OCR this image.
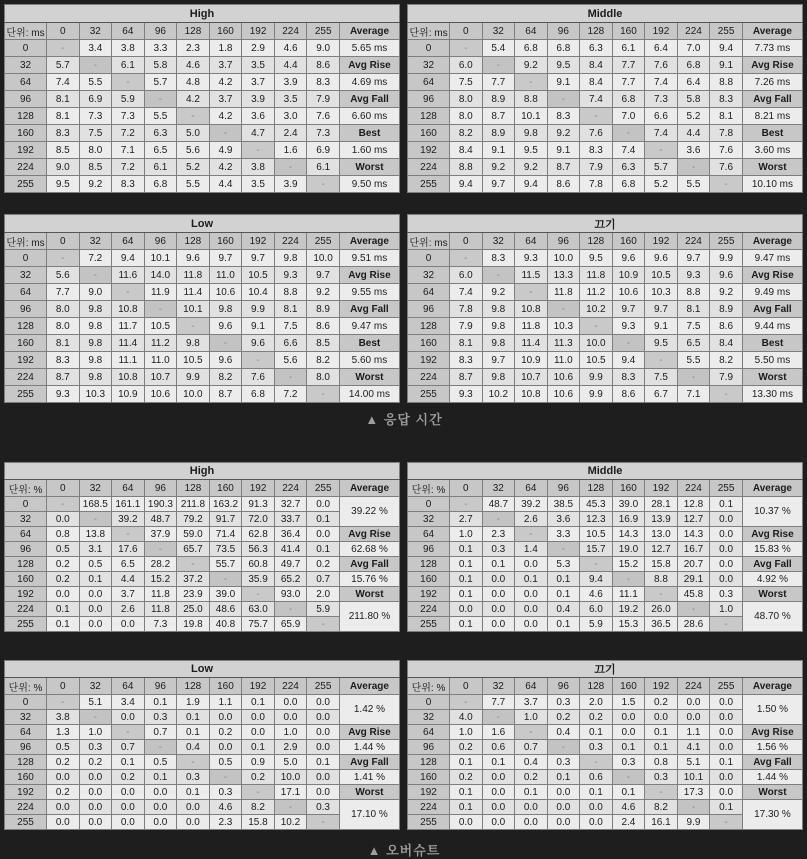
High										
단위: ms	0	32	64	96	128	160	192	224	255	Average
0	-	3.4	3.8	3.3	2.3	1.8	2.9	4.6	9.0	5.65 ms
32	5.7	-	6.1	5.8	4.6	3.7	3.5	4.4	8.6	Avg Rise
64	7.4	5.5	-	5.7	4.8	4.2	3.7	3.9	8.3	4.69 ms
96	8.1	6.9	5.9	-	4.2	3.7	3.9	3.5	7.9	Avg Fall
128	8.1	7.3	7.3	5.5	-	4.2	3.6	3.0	7.6	6.60 ms
160	8.3	7.5	7.2	6.3	5.0	-	4.7	2.4	7.3	Best
192	8.5	8.0	7.1	6.5	5.6	4.9	-	1.6	6.9	1.60 ms
224	9.0	8.5	7.2	6.1	5.2	4.2	3.8	-	6.1	Worst
255	9.5	9.2	8.3	6.8	5.5	4.4	3.5	3.9	-	9.50 ms
Middle										
단위: ms	0	32	64	96	128	160	192	224	255	Average
0	-	5.4	6.8	6.8	6.3	6.1	6.4	7.0	9.4	7.73 ms
32	6.0	-	9.2	9.5	8.4	7.7	7.6	6.8	9.1	Avg Rise
64	7.5	7.7	-	9.1	8.4	7.7	7.4	6.4	8.8	7.26 ms
96	8.0	8.9	8.8	-	7.4	6.8	7.3	5.8	8.3	Avg Fall
128	8.0	8.7	10.1	8.3	-	7.0	6.6	5.2	8.1	8.21 ms
160	8.2	8.9	9.8	9.2	7.6	-	7.4	4.4	7.8	Best
192	8.4	9.1	9.5	9.1	8.3	7.4	-	3.6	7.6	3.60 ms
224	8.8	9.2	9.2	8.7	7.9	6.3	5.7	-	7.6	Worst
255	9.4	9.7	9.4	8.6	7.8	6.8	5.2	5.5	-	10.10 ms
Low										
단위: ms	0	32	64	96	128	160	192	224	255	Average
0	-	7.2	9.4	10.1	9.6	9.7	9.7	9.8	10.0	9.51 ms
32	5.6	-	11.6	14.0	11.8	11.0	10.5	9.3	9.7	Avg Rise
64	7.7	9.0	-	11.9	11.4	10.6	10.4	8.8	9.2	9.55 ms
96	8.0	9.8	10.8	-	10.1	9.8	9.9	8.1	8.9	Avg Fall
128	8.0	9.8	11.7	10.5	-	9.6	9.1	7.5	8.6	9.47 ms
160	8.1	9.8	11.4	11.2	9.8	-	9.6	6.6	8.5	Best
192	8.3	9.8	11.1	11.0	10.5	9.6	-	5.6	8.2	5.60 ms
224	8.7	9.8	10.8	10.7	9.9	8.2	7.6	-	8.0	Worst
255	9.3	10.3	10.9	10.6	10.0	8.7	6.8	7.2	-	14.00 ms
끄기										
단위: ms	0	32	64	96	128	160	192	224	255	Average
0	-	8.3	9.3	10.0	9.5	9.6	9.6	9.7	9.9	9.47 ms
32	6.0	-	11.5	13.3	11.8	10.9	10.5	9.3	9.6	Avg Rise
64	7.4	9.2	-	11.8	11.2	10.6	10.3	8.8	9.2	9.49 ms
96	7.8	9.8	10.8	-	10.2	9.7	9.7	8.1	8.9	Avg Fall
128	7.9	9.8	11.8	10.3	-	9.3	9.1	7.5	8.6	9.44 ms
160	8.1	9.8	11.4	11.3	10.0	-	9.5	6.5	8.4	Best
192	8.3	9.7	10.9	11.0	10.5	9.4	-	5.5	8.2	5.50 ms
224	8.7	9.8	10.7	10.6	9.9	8.3	7.5	-	7.9	Worst
255	9.3	10.2	10.8	10.6	9.9	8.6	6.7	7.1	-	13.30 ms
▲ 응답 시간
High										
단위: %	0	32	64	96	128	160	192	224	255	Average
0	-	168.5	161.1	190.3	211.8	163.2	91.3	32.7	0.0	39.22 %
32	0.0	-	39.2	48.7	79.2	91.7	72.0	33.7	0.1	
64	0.8	13.8	-	37.9	59.0	71.4	62.8	36.4	0.0	Avg Rise
96	0.5	3.1	17.6	-	65.7	73.5	56.3	41.4	0.1	62.68 %
128	0.2	0.5	6.5	28.2	-	55.7	60.8	49.7	0.2	Avg Fall
160	0.2	0.1	4.4	15.2	37.2	-	35.9	65.2	0.7	15.76 %
192	0.0	0.0	3.7	11.8	23.9	39.0	-	93.0	2.0	Worst
224	0.1	0.0	2.6	11.8	25.0	48.6	63.0	-	5.9	211.80 %
255	0.1	0.0	0.0	7.3	19.8	40.8	75.7	65.9	-	
Middle										
단위: %	0	32	64	96	128	160	192	224	255	Average
0	-	48.7	39.2	38.5	45.3	39.0	28.1	12.8	0.1	10.37 %
32	2.7	-	2.6	3.6	12.3	16.9	13.9	12.7	0.0	
64	1.0	2.3	-	3.3	10.5	14.3	13.0	14.3	0.0	Avg Rise
96	0.1	0.3	1.4	-	15.7	19.0	12.7	16.7	0.0	15.83 %
128	0.1	0.1	0.0	5.3	-	15.2	15.8	20.7	0.0	Avg Fall
160	0.1	0.0	0.1	0.1	9.4	-	8.8	29.1	0.0	4.92 %
192	0.1	0.0	0.0	0.1	4.6	11.1	-	45.8	0.3	Worst
224	0.0	0.0	0.0	0.4	6.0	19.2	26.0	-	1.0	48.70 %
255	0.1	0.0	0.0	0.1	5.9	15.3	36.5	28.6	-	
Low										
단위: %	0	32	64	96	128	160	192	224	255	Average
0	-	5.1	3.4	0.1	1.9	1.1	0.1	0.0	0.0	1.42 %
32	3.8	-	0.0	0.3	0.1	0.0	0.0	0.0	0.0	
64	1.3	1.0	-	0.7	0.1	0.2	0.0	1.0	0.0	Avg Rise
96	0.5	0.3	0.7	-	0.4	0.0	0.1	2.9	0.0	1.44 %
128	0.2	0.2	0.1	0.5	-	0.5	0.9	5.0	0.1	Avg Fall
160	0.0	0.0	0.2	0.1	0.3	-	0.2	10.0	0.0	1.41 %
192	0.2	0.0	0.0	0.0	0.1	0.3	-	17.1	0.0	Worst
224	0.0	0.0	0.0	0.0	0.0	4.6	8.2	-	0.3	17.10 %
255	0.0	0.0	0.0	0.0	0.0	2.3	15.8	10.2	-	
끄기										
단위: %	0	32	64	96	128	160	192	224	255	Average
0	-	7.7	3.7	0.3	2.0	1.5	0.2	0.0	0.0	1.50 %
32	4.0	-	1.0	0.2	0.2	0.0	0.0	0.0	0.0	
64	1.0	1.6	-	0.4	0.1	0.0	0.1	1.1	0.0	Avg Rise
96	0.2	0.6	0.7	-	0.3	0.1	0.1	4.1	0.0	1.56 %
128	0.1	0.1	0.4	0.3	-	0.3	0.8	5.1	0.1	Avg Fall
160	0.2	0.0	0.2	0.1	0.6	-	0.3	10.1	0.0	1.44 %
192	0.1	0.0	0.1	0.0	0.1	0.1	-	17.3	0.0	Worst
224	0.1	0.0	0.0	0.0	0.0	4.6	8.2	-	0.1	17.30 %
255	0.0	0.0	0.0	0.0	0.0	2.4	16.1	9.9	-	
▲ 오버슈트
